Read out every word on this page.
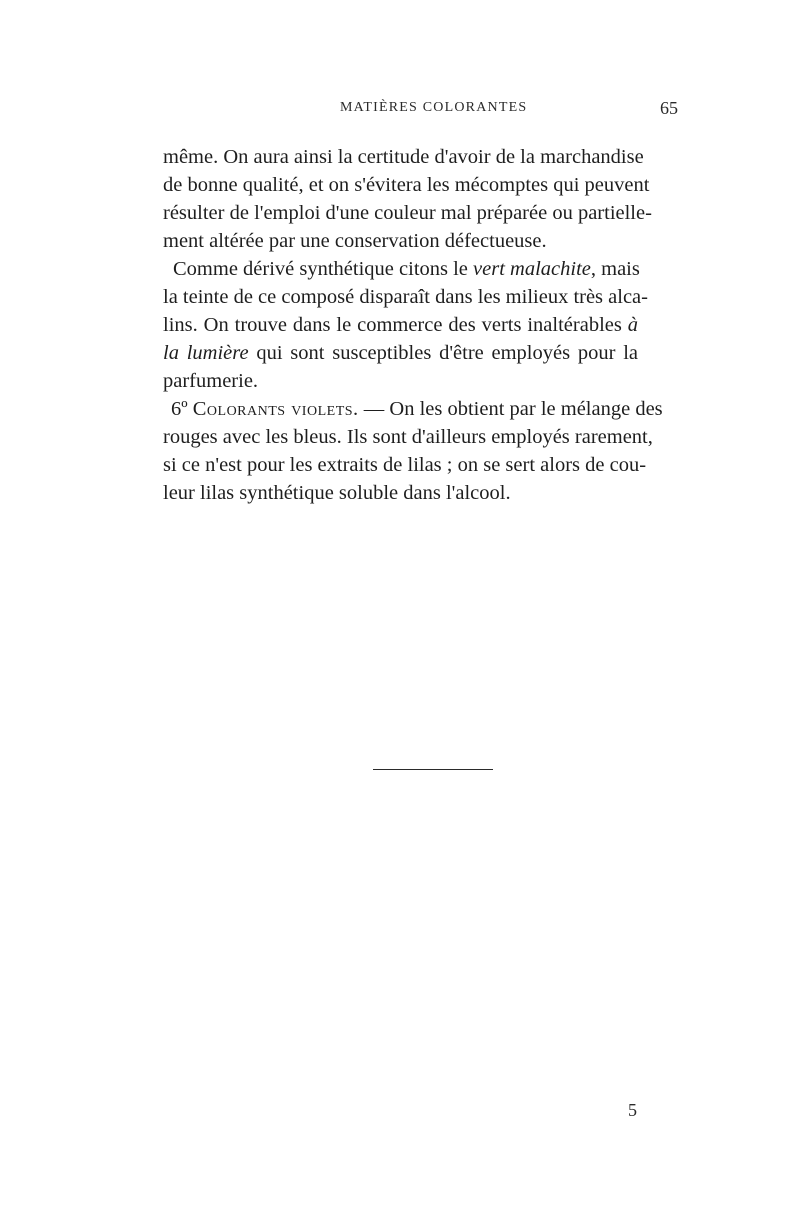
MATIÈRES COLORANTES	65
même. On aura ainsi la certitude d'avoir de la marchandise
de bonne qualité, et on s'évitera les mécomptes qui peuvent
résulter de l'emploi d'une couleur mal préparée ou partielle-
ment altérée par une conservation défectueuse.
Comme dérivé synthétique citons le vert malachite, mais
la teinte de ce composé disparaît dans les milieux très alca-
lins. On trouve dans le commerce des verts inaltérables à
la lumière qui sont susceptibles d'être employés pour la
parfumerie.
6º Colorants violets. — On les obtient par le mélange des
rouges avec les bleus. Ils sont d'ailleurs employés rarement,
si ce n'est pour les extraits de lilas ; on se sert alors de cou-
leur lilas synthétique soluble dans l'alcool.
5
